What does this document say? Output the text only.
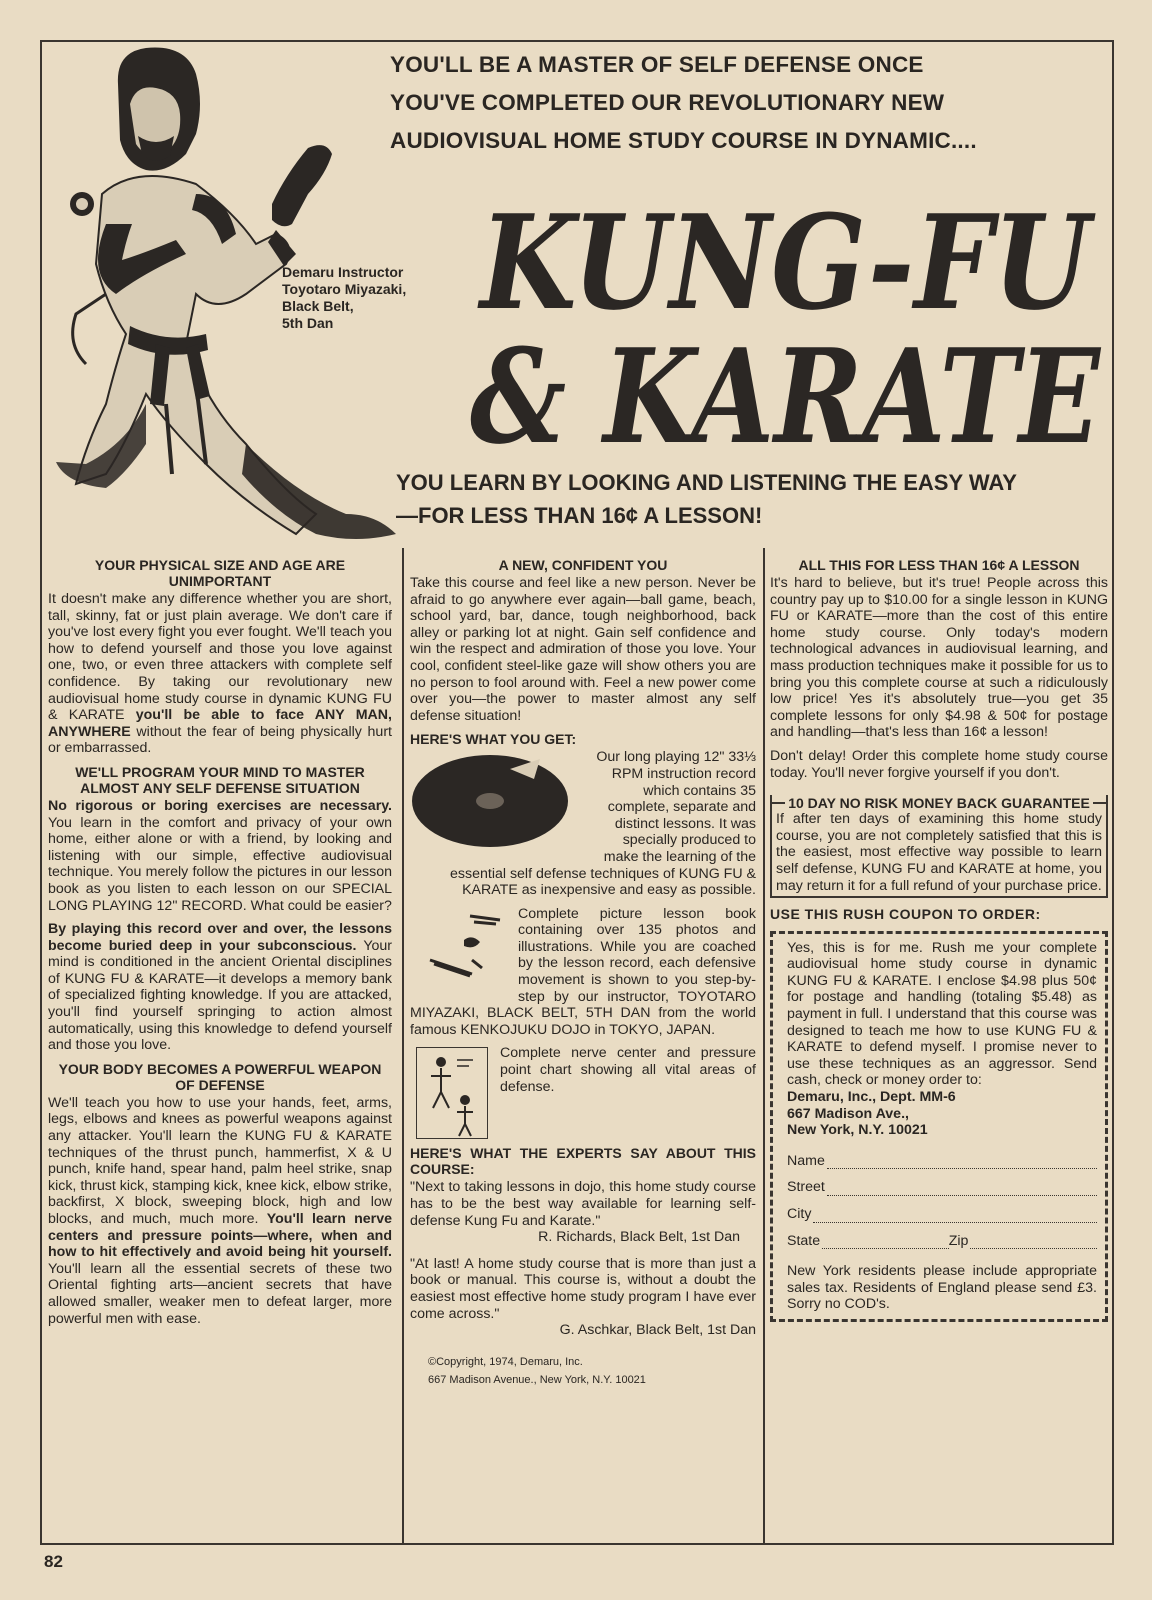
Demaru Instructor
Toyotaro Miyazaki,
Black Belt,
5th Dan
YOU'LL BE A MASTER OF SELF DEFENSE ONCE
YOU'VE COMPLETED OUR REVOLUTIONARY NEW
AUDIOVISUAL HOME STUDY COURSE IN DYNAMIC....
KUNG-FU
& KARATE
YOU LEARN BY LOOKING AND LISTENING THE EASY WAY
—FOR LESS THAN 16¢ A LESSON!
YOUR PHYSICAL SIZE AND AGE ARE UNIMPORTANT

It doesn't make any difference whether you are short, tall, skinny, fat or just plain average. We don't care if you've lost every fight you ever fought. We'll teach you how to defend yourself and those you love against one, two, or even three attackers with complete self confidence. By taking our revolutionary new audiovisual home study course in dynamic KUNG FU & KARATE you'll be able to face ANY MAN, ANYWHERE without the fear of being physically hurt or embarrassed.

WE'LL PROGRAM YOUR MIND TO MASTER ALMOST ANY SELF DEFENSE SITUATION

No rigorous or boring exercises are necessary. You learn in the comfort and privacy of your own home, either alone or with a friend, by looking and listening with our simple, effective audiovisual technique. You merely follow the pictures in our lesson book as you listen to each lesson on our SPECIAL LONG PLAYING 12" RECORD. What could be easier?

By playing this record over and over, the lessons become buried deep in your subconscious. Your mind is conditioned in the ancient Oriental disciplines of KUNG FU & KARATE—it develops a memory bank of specialized fighting knowledge. If you are attacked, you'll find yourself springing to action almost automatically, using this knowledge to defend yourself and those you love.

YOUR BODY BECOMES A POWERFUL WEAPON OF DEFENSE

We'll teach you how to use your hands, feet, arms, legs, elbows and knees as powerful weapons against any attacker. You'll learn the KUNG FU & KARATE techniques of the thrust punch, hammerfist, X & U punch, knife hand, spear hand, palm heel strike, snap kick, thrust kick, stamping kick, knee kick, elbow strike, backfirst, X block, sweeping block, high and low blocks, and much, much more. You'll learn nerve centers and pressure points—where, when and how to hit effectively and avoid being hit yourself. You'll learn all the essential secrets of these two Oriental fighting arts—ancient secrets that have allowed smaller, weaker men to defeat larger, more powerful men with ease.

A NEW, CONFIDENT YOU

Take this course and feel like a new person. Never be afraid to go anywhere ever again—ball game, beach, school yard, bar, dance, tough neighborhood, back alley or parking lot at night. Gain self confidence and win the respect and admiration of those you love. Your cool, confident steel-like gaze will show others you are no person to fool around with. Feel a new power come over you—the power to master almost any self defense situation!

HERE'S WHAT YOU GET:

Our long playing 12" 33⅓ RPM instruction record which contains 35 complete, separate and distinct lessons. It was specially produced to make the learning of the essential self defense techniques of KUNG FU & KARATE as inexpensive and easy as possible.

Complete picture lesson book containing over 135 photos and illustrations. While you are coached by the lesson record, each defensive movement is shown to you step-by-step by our instructor, TOYOTARO MIYAZAKI, BLACK BELT, 5TH DAN from the world famous KENKOJUKU DOJO in TOKYO, JAPAN.

Complete nerve center and pressure point chart showing all vital areas of defense.

HERE'S WHAT THE EXPERTS SAY ABOUT THIS COURSE:

"Next to taking lessons in dojo, this home study course has to be the best way available for learning self-defense Kung Fu and Karate."

R. Richards, Black Belt, 1st Dan

"At last! A home study course that is more than just a book or manual. This course is, without a doubt the easiest most effective home study program I have ever come across."

G. Aschkar, Black Belt, 1st Dan
©Copyright, 1974, Demaru, Inc.
667 Madison Avenue., New York, N.Y. 10021
ALL THIS FOR LESS THAN 16¢ A LESSON

It's hard to believe, but it's true! People across this country pay up to $10.00 for a single lesson in KUNG FU or KARATE—more than the cost of this entire home study course. Only today's modern technological advances in audiovisual learning, and mass production techniques make it possible for us to bring you this complete course at such a ridiculously low price! Yes it's absolutely true—you get 35 complete lessons for only $4.98 & 50¢ for postage and handling—that's less than 16¢ a lesson!

Don't delay! Order this complete home study course today. You'll never forgive yourself if you don't.

10 DAY NO RISK MONEY BACK GUARANTEE

If after ten days of examining this home study course, you are not completely satisfied that this is the easiest, most effective way possible to learn self defense, KUNG FU and KARATE at home, you may return it for a full refund of your purchase price.

USE THIS RUSH COUPON TO ORDER:

Yes, this is for me. Rush me your complete audiovisual home study course in dynamic KUNG FU & KARATE. I enclose $4.98 plus 50¢ for postage and handling (totaling $5.48) as payment in full. I understand that this course was designed to teach me how to use KUNG FU & KARATE to defend myself. I promise never to use these techniques as an aggressor. Send cash, check or money order to:

Demaru, Inc., Dept. MM-6
667 Madison Ave.,
New York, N.Y. 10021
Name
Street
City
State	Zip

New York residents please include appropriate sales tax. Residents of England please send £3. Sorry no COD's.

82
